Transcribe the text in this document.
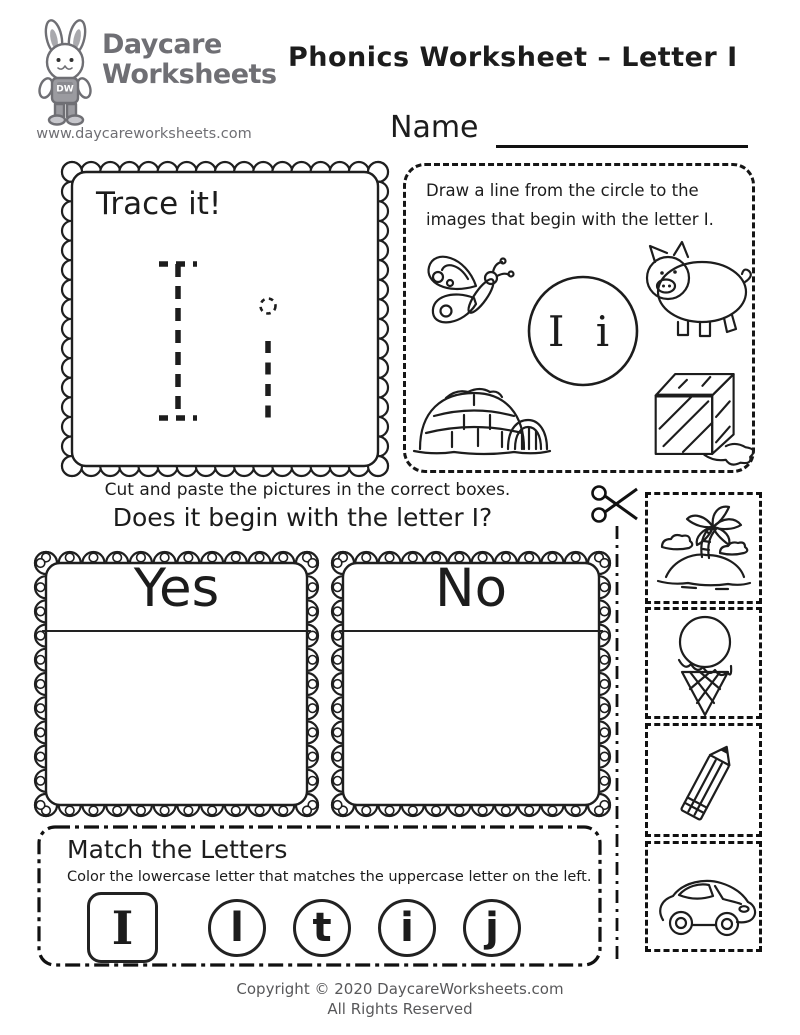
DW
Daycare
Worksheets
www.daycareworksheets.com
Phonics Worksheet – Letter I
Name
Trace it!	Draw a line from the circle to the
images that begin with the letter I.
I i
Cut and paste the pictures in the correct boxes.
Does it begin with the letter I?
Yes	No
Match the Letters
Color the lowercase letter that matches the uppercase letter on the left.
I	l	t	i	j
Copyright © 2020 DaycareWorksheets.com
All Rights Reserved
